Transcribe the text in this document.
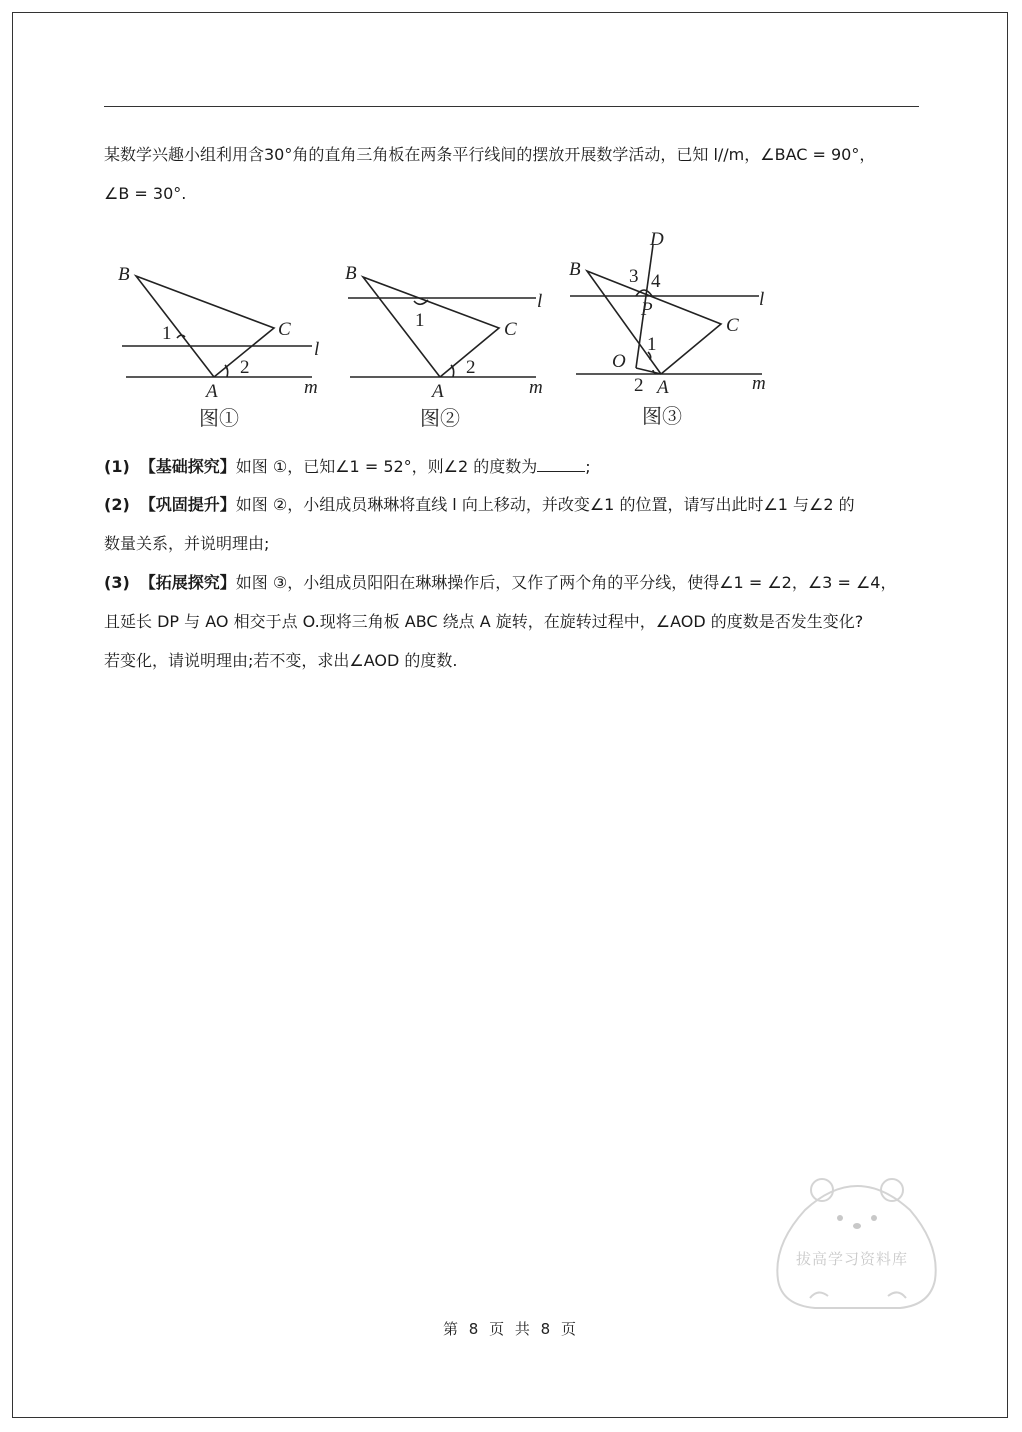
某数学兴趣小组利用含30°角的直角三角板在两条平行线间的摆放开展数学活动，已知 l//m，∠BAC = 90°，
∠B = 30°.
B
C
A
l
m
1
2
图①
B
C
A
l
m
1
2
图②
B
C
A
D
P
O
l
m
1
2
3 4
图③
(1) 【基础探究】如图 ①，已知∠1 = 52°，则∠2 的度数为	;
(2) 【巩固提升】如图 ②，小组成员琳琳将直线 l 向上移动，并改变∠1 的位置，请写出此时∠1 与∠2 的
数量关系，并说明理由;
(3) 【拓展探究】如图 ③，小组成员阳阳在琳琳操作后，又作了两个角的平分线，使得∠1 = ∠2，∠3 = ∠4，
且延长 DP 与 AO 相交于点 O.现将三角板 ABC 绕点 A 旋转，在旋转过程中，∠AOD 的度数是否发生变化?
若变化，请说明理由;若不变，求出∠AOD 的度数.
拔高学习资料库
第 8 页 共 8 页
